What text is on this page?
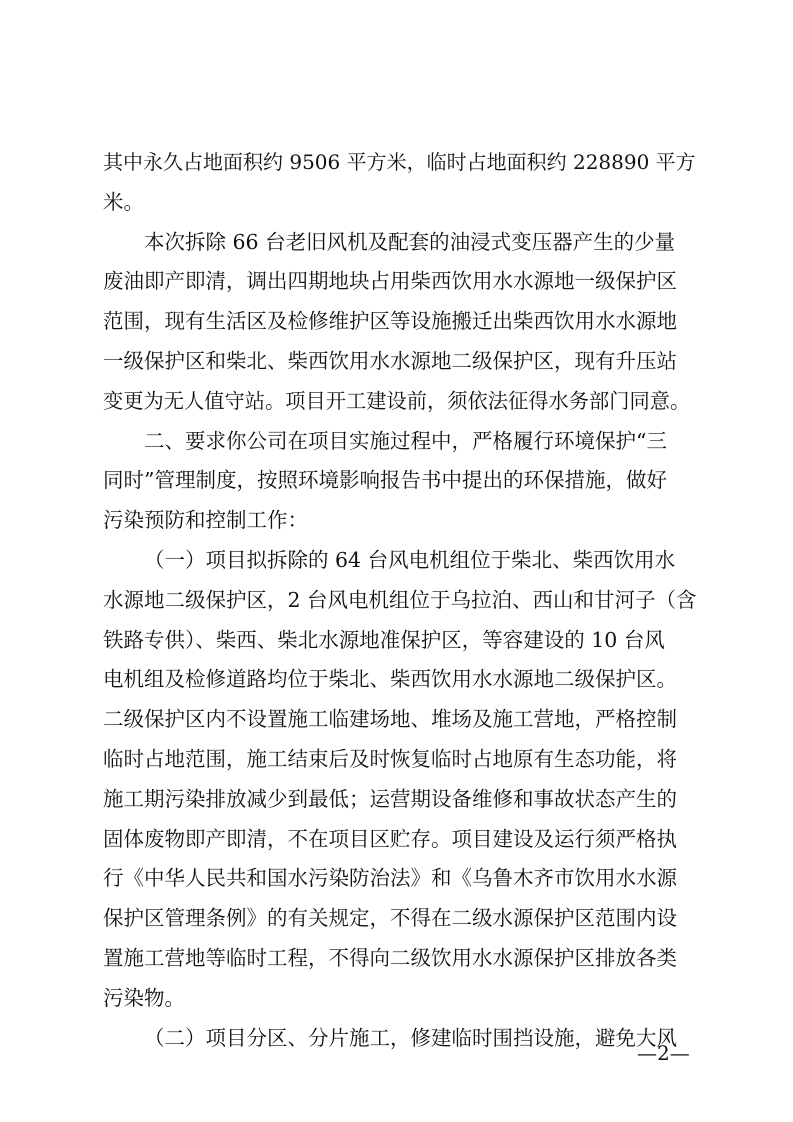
其中永久占地面积约 9506 平方米，临时占地面积约 228890 平方
米。
本次拆除 66 台老旧风机及配套的油浸式变压器产生的少量
废油即产即清，调出四期地块占用柴西饮用水水源地一级保护区
范围，现有生活区及检修维护区等设施搬迁出柴西饮用水水源地
一级保护区和柴北、柴西饮用水水源地二级保护区，现有升压站
变更为无人值守站。项目开工建设前，须依法征得水务部门同意。
二、要求你公司在项目实施过程中，严格履行环境保护“三
同时”管理制度，按照环境影响报告书中提出的环保措施，做好
污染预防和控制工作：
（一）项目拟拆除的 64 台风电机组位于柴北、柴西饮用水
水源地二级保护区，2 台风电机组位于乌拉泊、西山和甘河子（含
铁路专供）、柴西、柴北水源地准保护区，等容建设的 10 台风
电机组及检修道路均位于柴北、柴西饮用水水源地二级保护区。
二级保护区内不设置施工临建场地、堆场及施工营地，严格控制
临时占地范围，施工结束后及时恢复临时占地原有生态功能，将
施工期污染排放减少到最低；运营期设备维修和事故状态产生的
固体废物即产即清，不在项目区贮存。项目建设及运行须严格执
行《中华人民共和国水污染防治法》和《乌鲁木齐市饮用水水源
保护区管理条例》的有关规定，不得在二级水源保护区范围内设
置施工营地等临时工程，不得向二级饮用水水源保护区排放各类
污染物。
（二）项目分区、分片施工，修建临时围挡设施，避免大风
—2—
